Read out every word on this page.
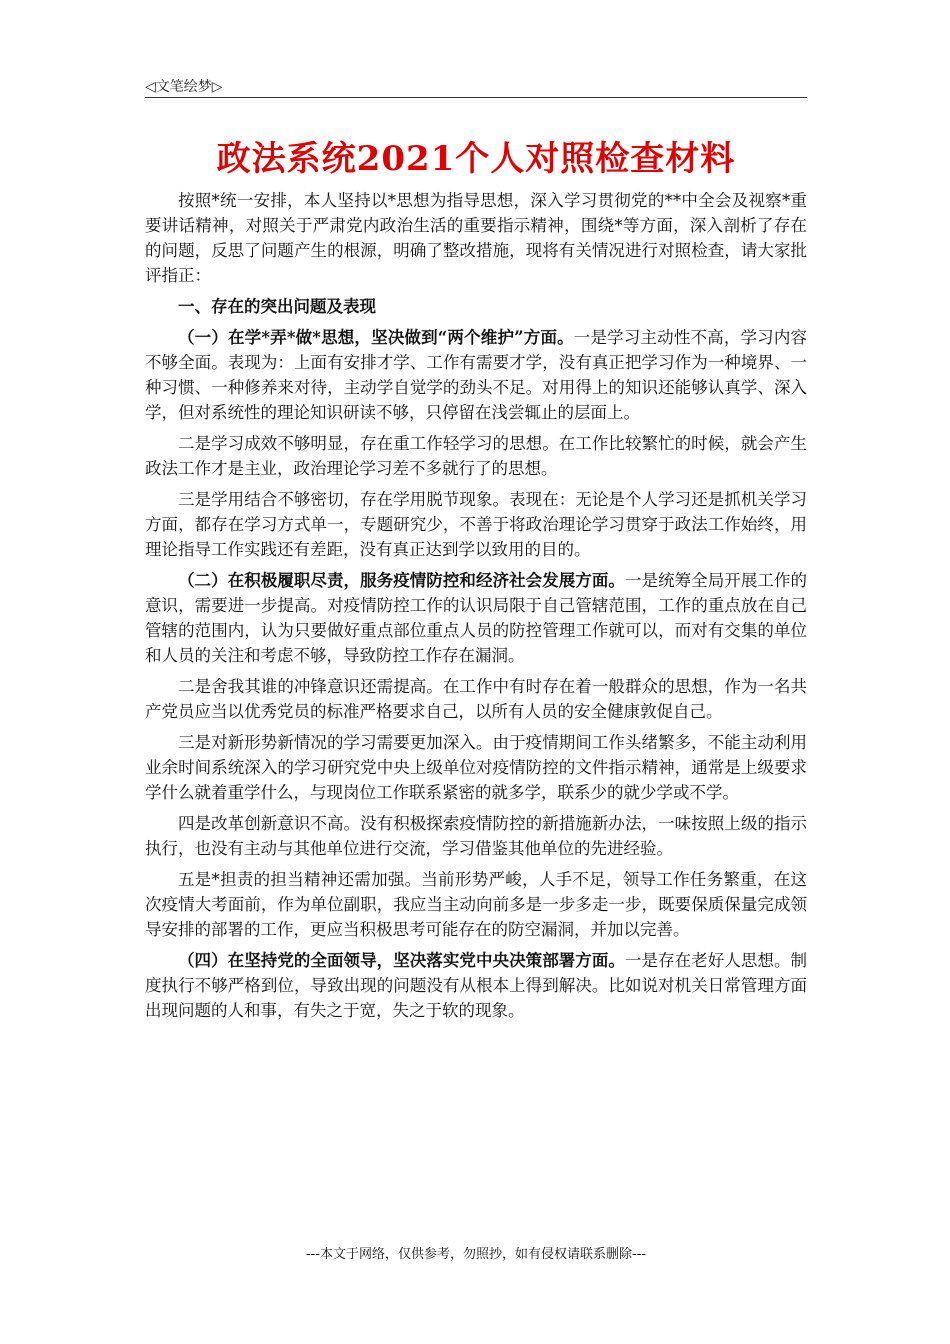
◁文笔绘梦▷
政法系统2021个人对照检查材料

按照*统一安排，本人坚持以*思想为指导思想，深入学习贯彻党的**中全会及视察*重要讲话精神，对照关于严肃党内政治生活的重要指示精神，围绕*等方面，深入剖析了存在的问题，反思了问题产生的根源，明确了整改措施，现将有关情况进行对照检查，请大家批评指正：

一、存在的突出问题及表现

（一）在学*弄*做*思想，坚决做到“两个维护”方面。一是学习主动性不高，学习内容不够全面。表现为：上面有安排才学、工作有需要才学，没有真正把学习作为一种境界、一种习惯、一种修养来对待，主动学自觉学的劲头不足。对用得上的知识还能够认真学、深入学，但对系统性的理论知识研读不够，只停留在浅尝辄止的层面上。

二是学习成效不够明显，存在重工作轻学习的思想。在工作比较繁忙的时候，就会产生政法工作才是主业，政治理论学习差不多就行了的思想。

三是学用结合不够密切，存在学用脱节现象。表现在：无论是个人学习还是抓机关学习方面，都存在学习方式单一，专题研究少，不善于将政治理论学习贯穿于政法工作始终，用理论指导工作实践还有差距，没有真正达到学以致用的目的。

（二）在积极履职尽责，服务疫情防控和经济社会发展方面。一是统筹全局开展工作的意识，需要进一步提高。对疫情防控工作的认识局限于自己管辖范围，工作的重点放在自己管辖的范围内，认为只要做好重点部位重点人员的防控管理工作就可以，而对有交集的单位和人员的关注和考虑不够，导致防控工作存在漏洞。

二是舍我其谁的冲锋意识还需提高。在工作中有时存在着一般群众的思想，作为一名共产党员应当以优秀党员的标准严格要求自己，以所有人员的安全健康敦促自己。

三是对新形势新情况的学习需要更加深入。由于疫情期间工作头绪繁多，不能主动利用业余时间系统深入的学习研究党中央上级单位对疫情防控的文件指示精神，通常是上级要求学什么就着重学什么，与现岗位工作联系紧密的就多学，联系少的就少学或不学。

四是改革创新意识不高。没有积极探索疫情防控的新措施新办法，一味按照上级的指示执行，也没有主动与其他单位进行交流，学习借鉴其他单位的先进经验。

五是*担责的担当精神还需加强。当前形势严峻，人手不足，领导工作任务繁重，在这次疫情大考面前，作为单位副职，我应当主动向前多是一步多走一步，既要保质保量完成领导安排的部署的工作，更应当积极思考可能存在的防空漏洞，并加以完善。

（四）在坚持党的全面领导，坚决落实党中央决策部署方面。一是存在老好人思想。制度执行不够严格到位，导致出现的问题没有从根本上得到解决。比如说对机关日常管理方面出现问题的人和事，有失之于宽，失之于软的现象。

---本文于网络，仅供参考，勿照抄，如有侵权请联系删除---
